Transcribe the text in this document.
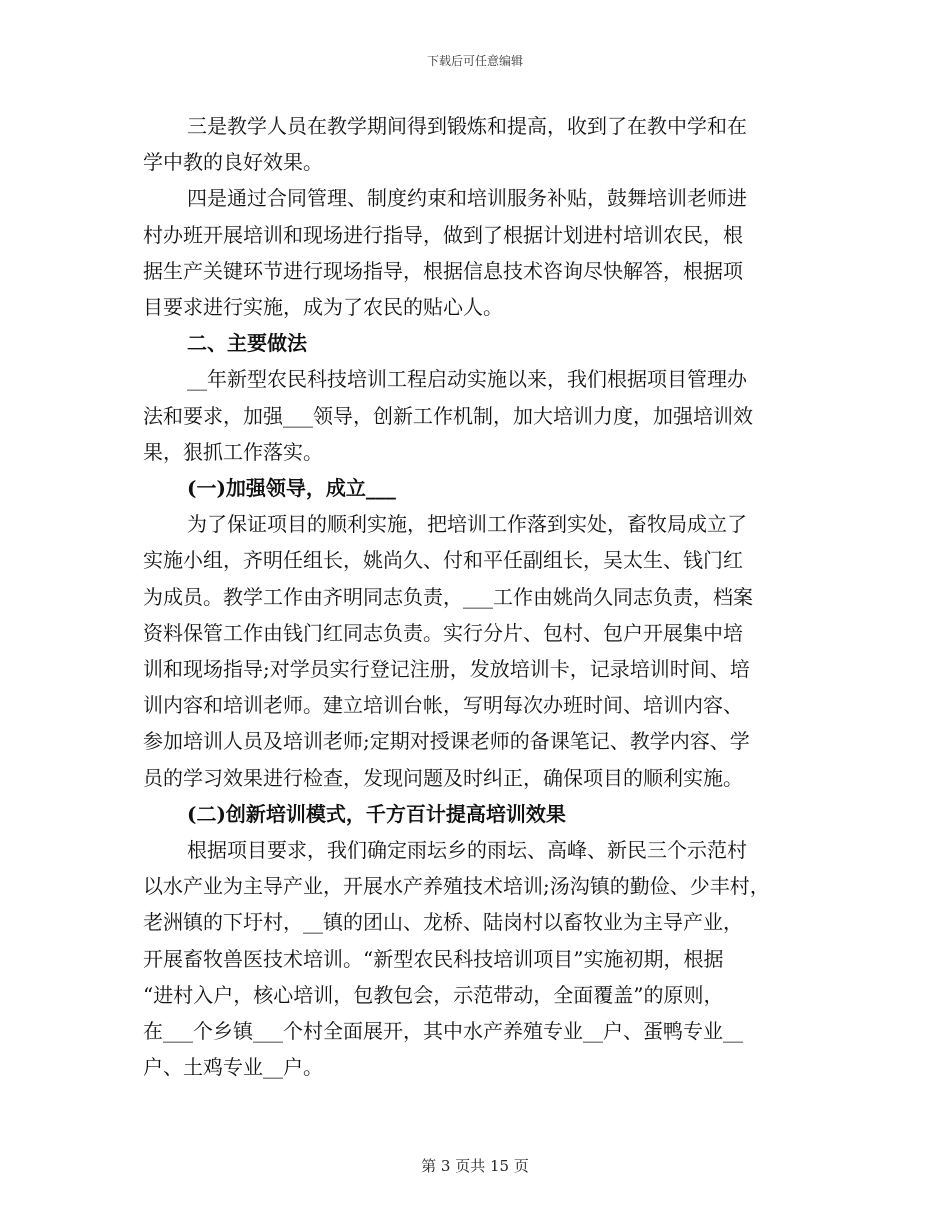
下载后可任意编辑

三是教学人员在教学期间得到锻炼和提高，收到了在教中学和在
学中教的良好效果。

四是通过合同管理、制度约束和培训服务补贴，鼓舞培训老师进
村办班开展培训和现场进行指导，做到了根据计划进村培训农民，根
据生产关键环节进行现场指导，根据信息技术咨询尽快解答，根据项
目要求进行实施，成为了农民的贴心人。

二、主要做法

__年新型农民科技培训工程启动实施以来，我们根据项目管理办
法和要求，加强___领导，创新工作机制，加大培训力度，加强培训效
果，狠抓工作落实。

(一)加强领导，成立___

为了保证项目的顺利实施，把培训工作落到实处，畜牧局成立了
实施小组，齐明任组长，姚尚久、付和平任副组长，吴太生、钱门红
为成员。教学工作由齐明同志负责，___工作由姚尚久同志负责，档案
资料保管工作由钱门红同志负责。实行分片、包村、包户开展集中培
训和现场指导;对学员实行登记注册，发放培训卡，记录培训时间、培
训内容和培训老师。建立培训台帐，写明每次办班时间、培训内容、
参加培训人员及培训老师;定期对授课老师的备课笔记、教学内容、学
员的学习效果进行检查，发现问题及时纠正，确保项目的顺利实施。

(二)创新培训模式，千方百计提高培训效果

根据项目要求，我们确定雨坛乡的雨坛、高峰、新民三个示范村
以水产业为主导产业，开展水产养殖技术培训;汤沟镇的勤俭、少丰村，
老洲镇的下圩村，__镇的团山、龙桥、陆岗村以畜牧业为主导产业，
开展畜牧兽医技术培训。“新型农民科技培训项目”实施初期，根据
“进村入户，核心培训，包教包会，示范带动，全面覆盖”的原则，
在___个乡镇___个村全面展开，其中水产养殖专业__户、蛋鸭专业__
户、土鸡专业__户。

第 3 页共 15 页
